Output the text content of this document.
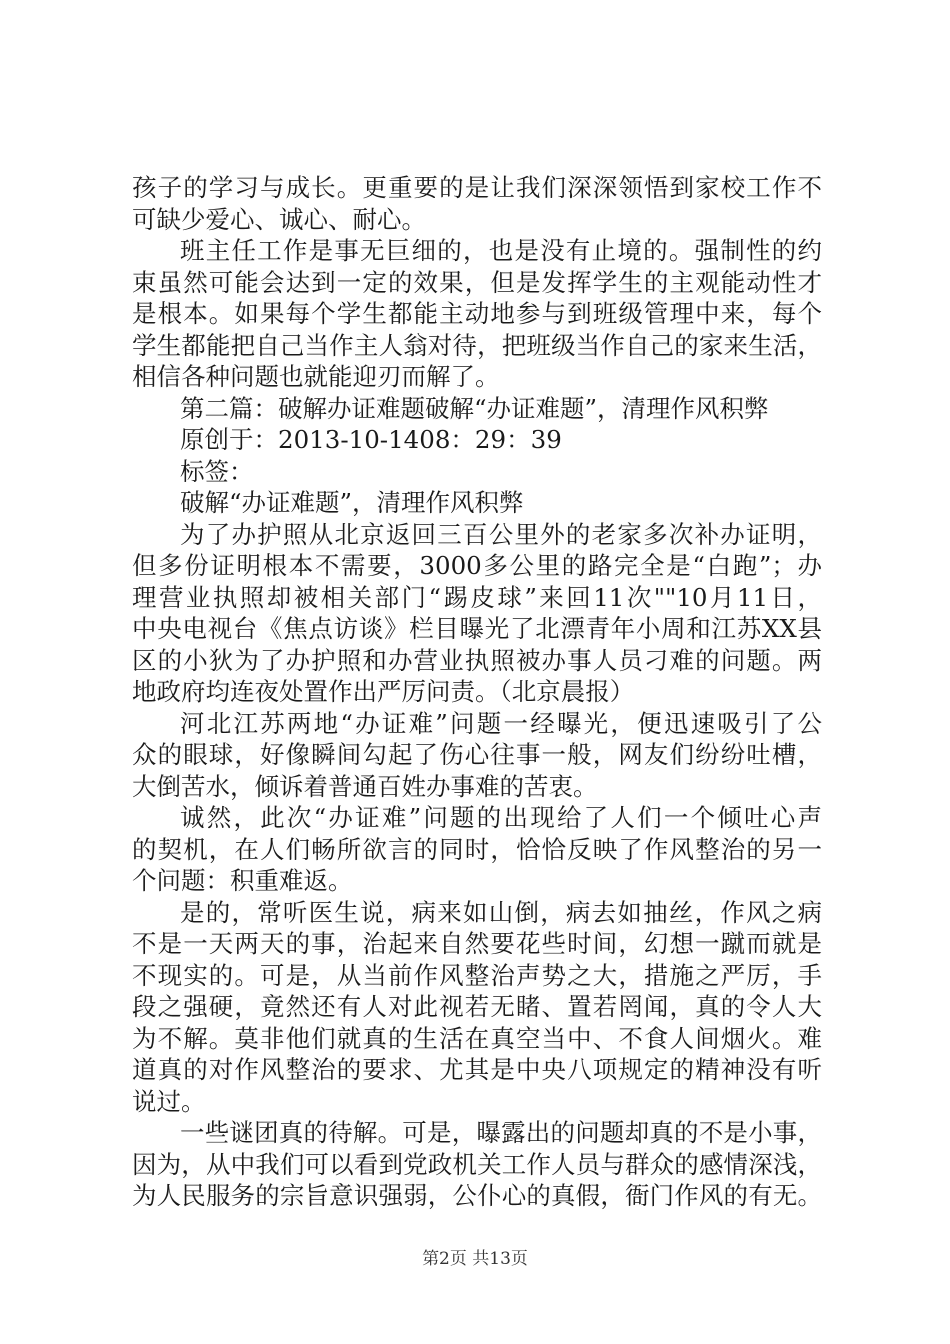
孩子的学习与成长。更重要的是让我们深深领悟到家校工作不
可缺少爱心、诚心、耐心。
班主任工作是事无巨细的，也是没有止境的。强制性的约
束虽然可能会达到一定的效果，但是发挥学生的主观能动性才
是根本。如果每个学生都能主动地参与到班级管理中来，每个
学生都能把自己当作主人翁对待，把班级当作自己的家来生活，
相信各种问题也就能迎刃而解了。
第二篇：破解办证难题破解“办证难题”，清理作风积弊
原创于：2013-10-1408：29：39
标签：
破解“办证难题”，清理作风积弊
为了办护照从北京返回三百公里外的老家多次补办证明，
但多份证明根本不需要，3000多公里的路完全是“白跑”；办
理营业执照却被相关部门“踢皮球”来回11次""10月11日，
中央电视台《焦点访谈》栏目曝光了北漂青年小周和江苏XX县
区的小狄为了办护照和办营业执照被办事人员刁难的问题。两
地政府均连夜处置作出严厉问责。（北京晨报）
河北江苏两地“办证难”问题一经曝光，便迅速吸引了公
众的眼球，好像瞬间勾起了伤心往事一般，网友们纷纷吐槽，
大倒苦水，倾诉着普通百姓办事难的苦衷。
诚然，此次“办证难”问题的出现给了人们一个倾吐心声
的契机，在人们畅所欲言的同时，恰恰反映了作风整治的另一
个问题：积重难返。
是的，常听医生说，病来如山倒，病去如抽丝，作风之病
不是一天两天的事，治起来自然要花些时间，幻想一蹴而就是
不现实的。可是，从当前作风整治声势之大，措施之严厉，手
段之强硬，竟然还有人对此视若无睹、置若罔闻，真的令人大
为不解。莫非他们就真的生活在真空当中、不食人间烟火。难
道真的对作风整治的要求、尤其是中央八项规定的精神没有听
说过。
一些谜团真的待解。可是，曝露出的问题却真的不是小事，
因为，从中我们可以看到党政机关工作人员与群众的感情深浅，
为人民服务的宗旨意识强弱，公仆心的真假，衙门作风的有无。
第2页 共13页
